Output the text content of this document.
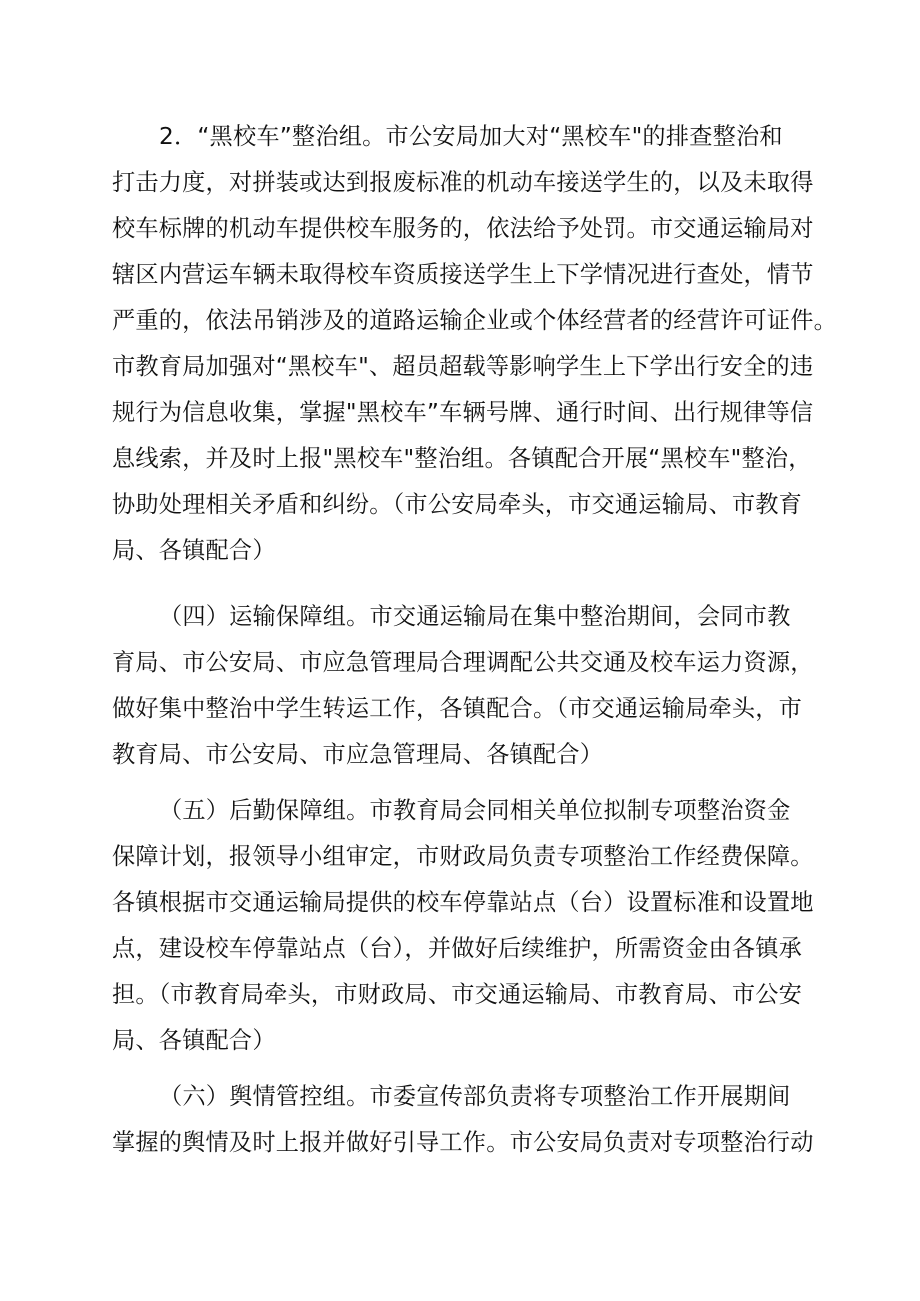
2．“黑校车”整治组。市公安局加大对“黑校车"的排查整治和
打击力度，对拼装或达到报废标准的机动车接送学生的，以及未取得
校车标牌的机动车提供校车服务的，依法给予处罚。市交通运输局对
辖区内营运车辆未取得校车资质接送学生上下学情况进行查处，情节
严重的，依法吊销涉及的道路运输企业或个体经营者的经营许可证件。
市教育局加强对“黑校车"、超员超载等影响学生上下学出行安全的违
规行为信息收集，掌握"黑校车”车辆号牌、通行时间、出行规律等信
息线索，并及时上报"黑校车"整治组。各镇配合开展“黑校车"整治，
协助处理相关矛盾和纠纷。（市公安局牵头，市交通运输局、市教育
局、各镇配合）
（四）运输保障组。市交通运输局在集中整治期间，会同市教
育局、市公安局、市应急管理局合理调配公共交通及校车运力资源，
做好集中整治中学生转运工作，各镇配合。（市交通运输局牵头，市
教育局、市公安局、市应急管理局、各镇配合）
（五）后勤保障组。市教育局会同相关单位拟制专项整治资金
保障计划，报领导小组审定，市财政局负责专项整治工作经费保障。
各镇根据市交通运输局提供的校车停靠站点（台）设置标准和设置地
点，建设校车停靠站点（台），并做好后续维护，所需资金由各镇承
担。（市教育局牵头，市财政局、市交通运输局、市教育局、市公安
局、各镇配合）
（六）舆情管控组。市委宣传部负责将专项整治工作开展期间
掌握的舆情及时上报并做好引导工作。市公安局负责对专项整治行动
